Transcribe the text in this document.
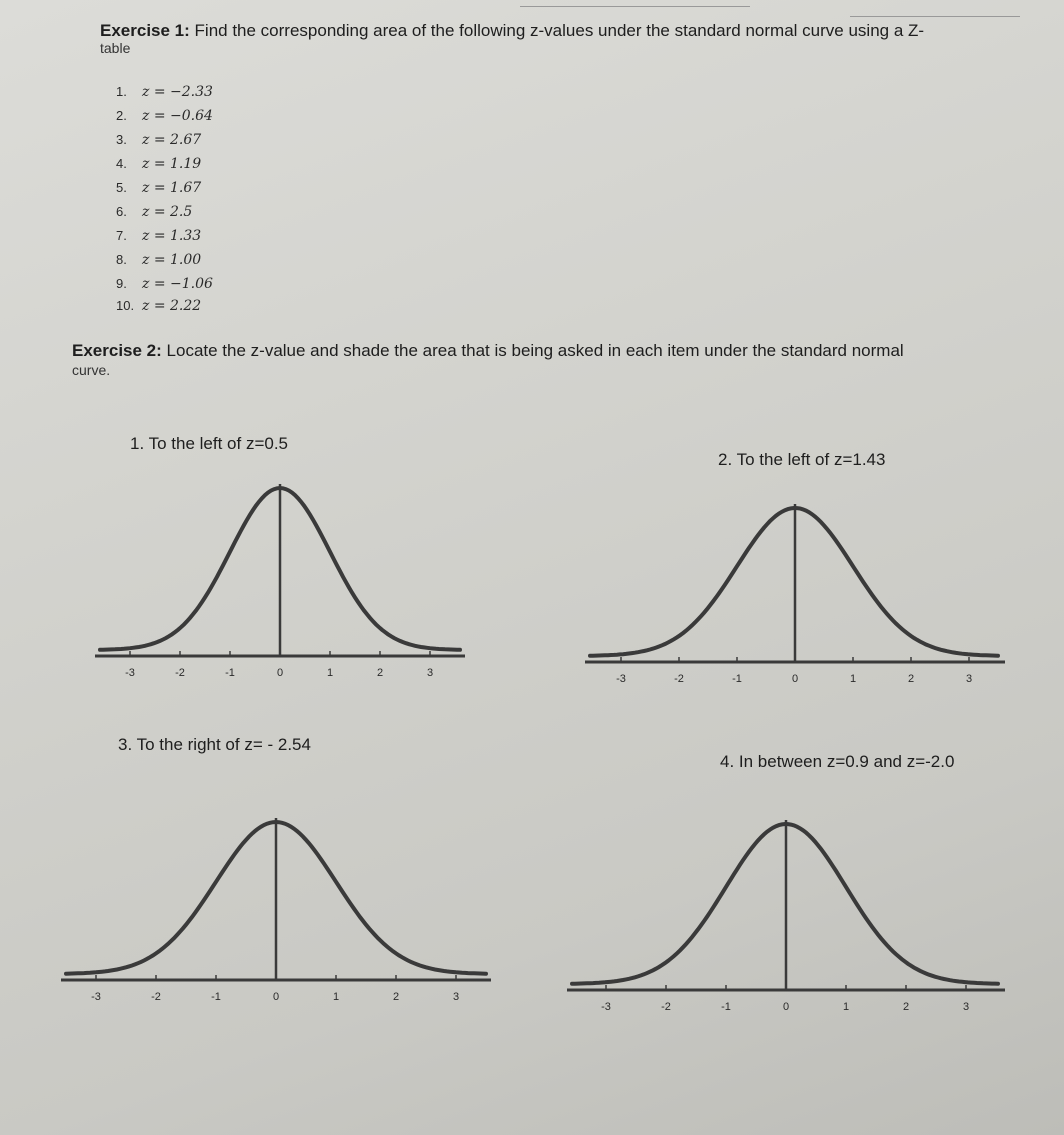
Exercise 1: Find the corresponding area of the following z-values under the standard normal curve using a Z-
table
1. z = −2.33
2. z = −0.64
3. z = 2.67
4. z = 1.19
5. z = 1.67
6. z = 2.5
7. z = 1.33
8. z = 1.00
9. z = −1.06
10. z = 2.22
Exercise 2: Locate the z-value and shade the area that is being asked in each item under the standard normal
curve.
1. To the left of z=0.5
2. To the left of z=1.43
3. To the right of z= - 2.54
4. In between z=0.9 and z=-2.0
-3	-2	-1	0	1	2	3	-3	-2	-1	0	1	2	3
-3	-2	-1	0	1	2	3
-3	-2	-1	0	1	2	3
